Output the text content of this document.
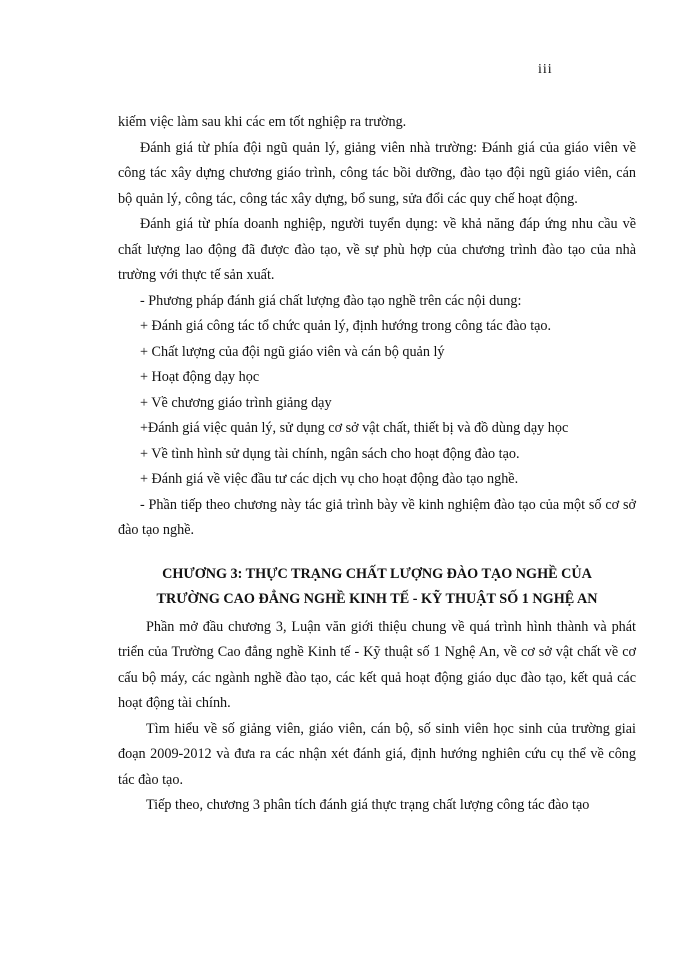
iii

kiếm việc làm sau khi các em tốt nghiệp ra trường.

Đánh giá từ phía đội ngũ quản lý, giảng viên nhà trường: Đánh giá của giáo viên về công tác xây dựng chương giáo trình, công tác bồi dưỡng, đào tạo đội ngũ giáo viên, cán bộ quản lý, công tác, công tác xây dựng, bổ sung, sửa đổi các quy chế hoạt động.

Đánh giá từ phía doanh nghiệp, người tuyển dụng: về khả năng đáp ứng nhu cầu về chất lượng lao động đã được đào tạo, về sự phù hợp của chương trình đào tạo của nhà trường với thực tế sản xuất.

- Phương pháp đánh giá chất lượng đào tạo nghề trên các nội dung:

+ Đánh giá công tác tổ chức quản lý, định hướng trong công tác đào tạo.

+ Chất lượng của đội ngũ giáo viên và cán bộ quản lý

+ Hoạt động dạy học

+ Về chương giáo trình giảng dạy

+Đánh giá việc quản lý, sử dụng cơ sở vật chất, thiết bị và đồ dùng dạy học

+ Về tình hình sử dụng tài chính, ngân sách cho hoạt động đào tạo.

+ Đánh giá về việc đầu tư các dịch vụ cho hoạt động đào tạo nghề.

- Phần tiếp theo chương này tác giả trình bày về kinh nghiệm đào tạo của một số cơ sở đào tạo nghề.

CHƯƠNG 3: THỰC TRẠNG CHẤT LƯỢNG ĐÀO TẠO NGHỀ CỦA
TRƯỜNG CAO ĐẲNG NGHỀ KINH TẾ - KỸ THUẬT SỐ 1 NGHỆ AN

Phần mở đầu chương 3, Luận văn giới thiệu chung về quá trình hình thành và phát triển của Trường Cao đẳng nghề Kinh tế - Kỹ thuật số 1 Nghệ An, về cơ sở vật chất về cơ cấu bộ máy, các ngành nghề đào tạo, các kết quả hoạt động giáo dục đào tạo, kết quả các hoạt động tài chính.

Tìm hiểu về số giảng viên, giáo viên, cán bộ, số sinh viên học sinh của trường giai đoạn 2009-2012 và đưa ra các nhận xét đánh giá, định hướng nghiên cứu cụ thể về công tác đào tạo.

Tiếp theo, chương 3 phân tích đánh giá thực trạng chất lượng công tác đào tạo
